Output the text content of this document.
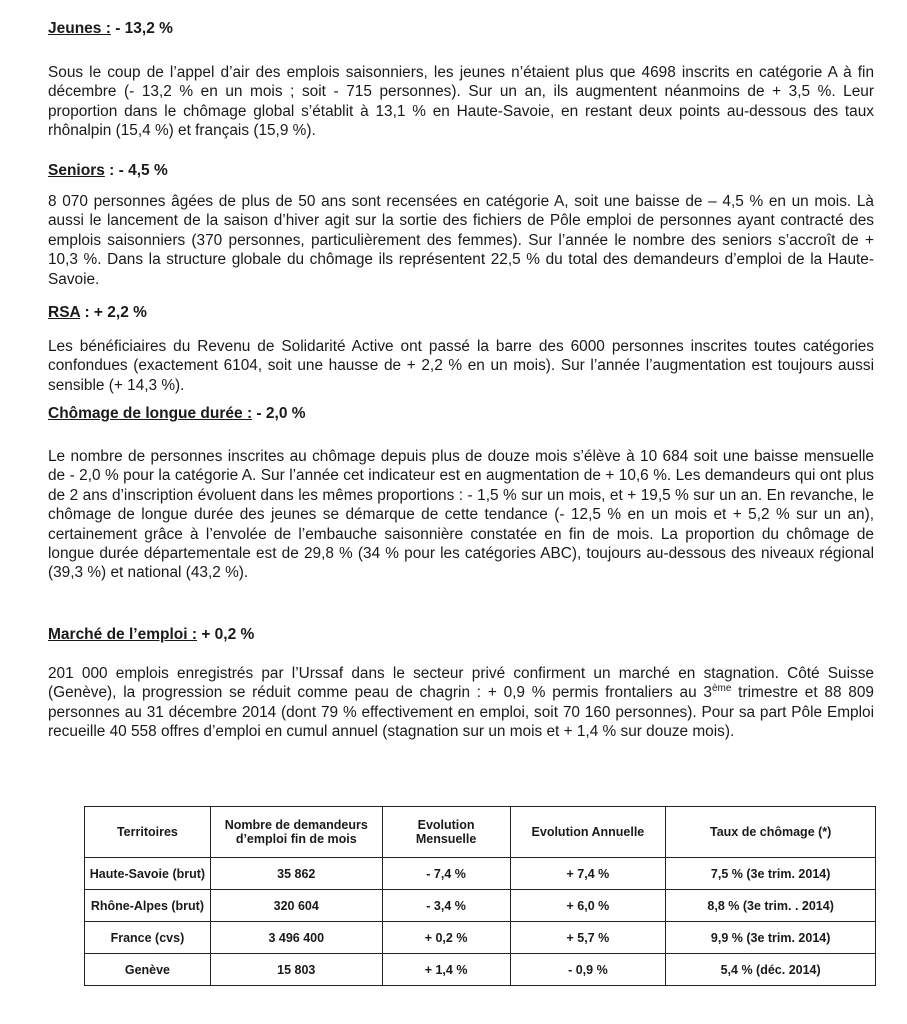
Jeunes : - 13,2 %

Sous le coup de l’appel d’air des emplois saisonniers, les jeunes n’étaient plus que 4698 inscrits en catégorie A à fin décembre (- 13,2 % en un mois ; soit - 715 personnes). Sur un an, ils augmentent néanmoins de + 3,5 %. Leur proportion dans le chômage global s’établit à 13,1 % en Haute-Savoie, en restant deux points au-dessous des taux rhônalpin (15,4 %) et français (15,9 %).

Seniors : - 4,5 %

8 070 personnes âgées de plus de 50 ans sont recensées en catégorie A, soit une baisse de – 4,5 % en un mois. Là aussi le lancement de la saison d’hiver agit sur la sortie des fichiers de Pôle emploi de personnes ayant contracté des emplois saisonniers (370 personnes, particulièrement des femmes). Sur l’année le nombre des seniors s’accroît de + 10,3 %. Dans la structure globale du chômage ils représentent 22,5 % du total des demandeurs d’emploi de la Haute-Savoie.

RSA : + 2,2 %

Les bénéficiaires du Revenu de Solidarité Active ont passé la barre des 6000 personnes inscrites toutes catégories confondues (exactement 6104, soit une hausse de + 2,2 % en un mois). Sur l’année l’augmentation est toujours aussi sensible (+ 14,3 %).

Chômage de longue durée : - 2,0 %

Le nombre de personnes inscrites au chômage depuis plus de douze mois s’élève à 10 684 soit une baisse mensuelle de - 2,0 % pour la catégorie A. Sur l’année cet indicateur est en augmentation de + 10,6 %. Les demandeurs qui ont plus de 2 ans d’inscription évoluent dans les mêmes proportions : - 1,5 % sur un mois, et + 19,5 % sur un an. En revanche, le chômage de longue durée des jeunes se démarque de cette tendance (- 12,5 % en un mois et + 5,2 % sur un an), certainement grâce à l’envolée de l’embauche saisonnière constatée en fin de mois. La proportion du chômage de longue durée départementale est de 29,8 % (34 % pour les catégories ABC), toujours au-dessous des niveaux régional (39,3 %) et national (43,2 %).

Marché de l’emploi : + 0,2 %

201 000 emplois enregistrés par l’Urssaf dans le secteur privé confirment un marché en stagnation. Côté Suisse (Genève), la progression se réduit comme peau de chagrin : + 0,9 % permis frontaliers au 3ème trimestre et 88 809 personnes au 31 décembre 2014 (dont 79 % effectivement en emploi, soit 70 160 personnes). Pour sa part Pôle Emploi recueille 40 558 offres d’emploi en cumul annuel (stagnation sur un mois et + 1,4 % sur douze mois).

Territoires	Nombre de demandeurs d’emploi fin de mois	Evolution Mensuelle	Evolution Annuelle	Taux de chômage (*)
Haute-Savoie (brut)	35 862	- 7,4 %	+ 7,4 %	7,5 % (3e trim. 2014)
Rhône-Alpes (brut)	320 604	- 3,4 %	+ 6,0 %	8,8 % (3e trim. . 2014)
France (cvs)	3 496 400	+ 0,2 %	+ 5,7 %	9,9 % (3e trim. 2014)
Genève	15 803	+ 1,4 %	- 0,9 %	5,4 % (déc. 2014)
